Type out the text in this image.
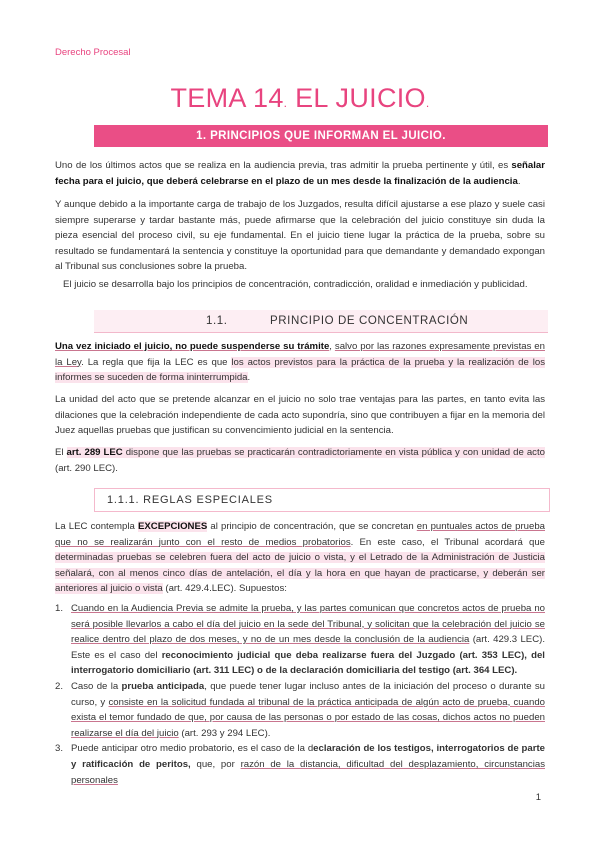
Derecho Procesal
TEMA 14. EL JUICIO.
1. PRINCIPIOS QUE INFORMAN EL JUICIO.
Uno de los últimos actos que se realiza en la audiencia previa, tras admitir la prueba pertinente y útil, es señalar fecha para el juicio, que deberá celebrarse en el plazo de un mes desde la finalización de la audiencia.
Y aunque debido a la importante carga de trabajo de los Juzgados, resulta difícil ajustarse a ese plazo y suele casi siempre superarse y tardar bastante más, puede afirmarse que la celebración del juicio constituye sin duda la pieza esencial del proceso civil, su eje fundamental. En el juicio tiene lugar la práctica de la prueba, sobre su resultado se fundamentará la sentencia y constituye la oportunidad para que demandante y demandado expongan al Tribunal sus conclusiones sobre la prueba.
El juicio se desarrolla bajo los principios de concentración, contradicción, oralidad e inmediación y publicidad.
1.1.	PRINCIPIO DE CONCENTRACIÓN
Una vez iniciado el juicio, no puede suspenderse su trámite, salvo por las razones expresamente previstas en la Ley. La regla que fija la LEC es que los actos previstos para la práctica de la prueba y la realización de los informes se suceden de forma ininterrumpida.
La unidad del acto que se pretende alcanzar en el juicio no solo trae ventajas para las partes, en tanto evita las dilaciones que la celebración independiente de cada acto supondría, sino que contribuyen a fijar en la memoria del Juez aquellas pruebas que justifican su convencimiento judicial en la sentencia.
El art. 289 LEC dispone que las pruebas se practicarán contradictoriamente en vista pública y con unidad de acto (art. 290 LEC).
1.1.1. REGLAS ESPECIALES
La LEC contempla EXCEPCIONES al principio de concentración, que se concretan en puntuales actos de prueba que no se realizarán junto con el resto de medios probatorios. En este caso, el Tribunal acordará que determinadas pruebas se celebren fuera del acto de juicio o vista, y el Letrado de la Administración de Justicia señalará, con al menos cinco días de antelación, el día y la hora en que hayan de practicarse, y deberán ser anteriores al juicio o vista (art. 429.4.LEC). Supuestos:
1. Cuando en la Audiencia Previa se admite la prueba, y las partes comunican que concretos actos de prueba no será posible llevarlos a cabo el día del juicio en la sede del Tribunal, y solicitan que la celebración del juicio se realice dentro del plazo de dos meses, y no de un mes desde la conclusión de la audiencia (art. 429.3 LEC). Este es el caso del reconocimiento judicial que deba realizarse fuera del Juzgado (art. 353 LEC), del interrogatorio domiciliario (art. 311 LEC) o de la declaración domiciliaria del testigo (art. 364 LEC).
2. Caso de la prueba anticipada, que puede tener lugar incluso antes de la iniciación del proceso o durante su curso, y consiste en la solicitud fundada al tribunal de la práctica anticipada de algún acto de prueba, cuando exista el temor fundado de que, por causa de las personas o por estado de las cosas, dichos actos no pueden realizarse el día del juicio (art. 293 y 294 LEC).
3. Puede anticipar otro medio probatorio, es el caso de la declaración de los testigos, interrogatorios de parte y ratificación de peritos, que, por razón de la distancia, dificultad del desplazamiento, circunstancias personales
1
